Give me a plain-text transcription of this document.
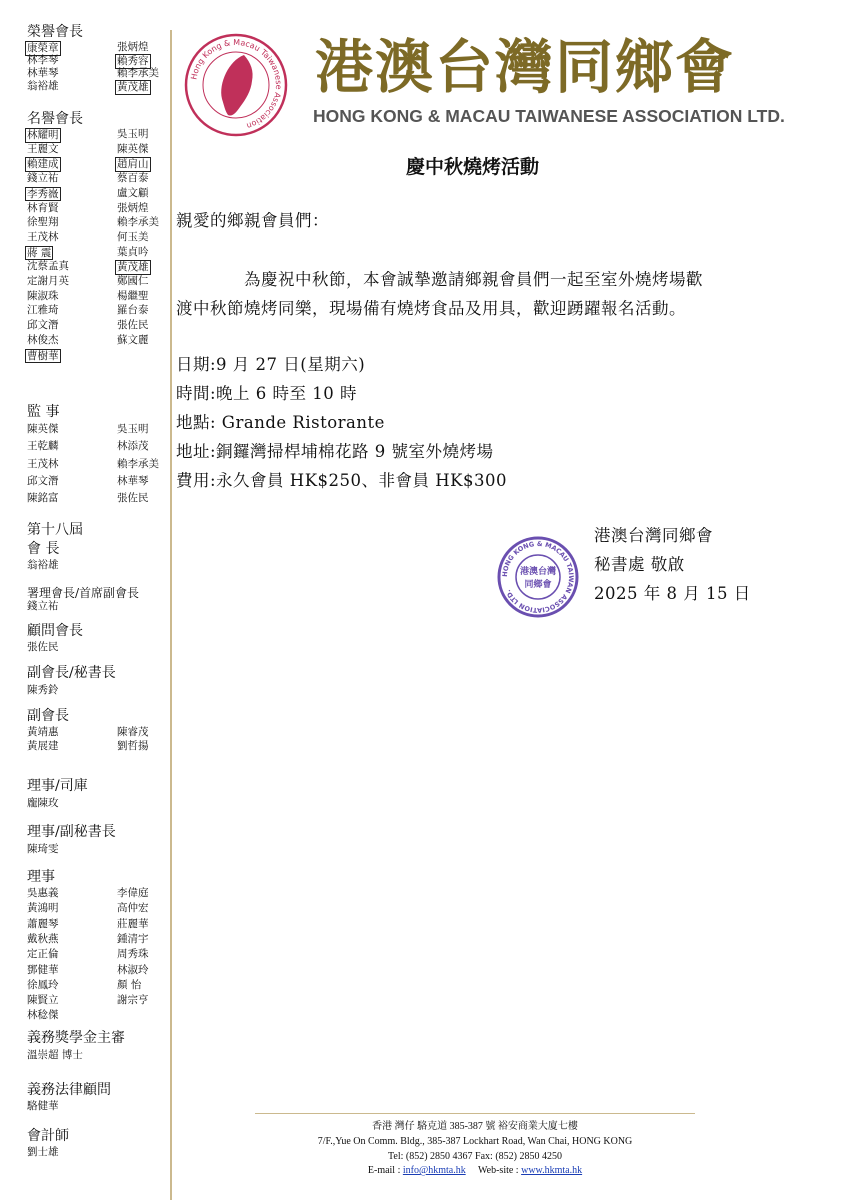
榮譽會長
康榮章	張炳煌
林李琴	賴秀容
林華琴	賴李承美
翁裕雄	黃茂雄
名譽會長
林耀明	吳玉明
王麗文	陳英傑
賴建成	趙肩山
錢立祐	蔡百泰
李秀嶶	盧文顧
林育賢	張炳煌
徐聖翔	賴李承美
王茂林	何玉美
蔣 震	葉貞吟
沈蔡孟真	黃茂雄
定謝月英	鄭國仁
陳淑珠	楊繼聖
江雅琦	羅台泰
邱文潛	張佐民
林俊杰	蘇文麗
曹樹華
監 事
陳英傑	吳玉明
王乾麟	林添茂
王茂林	賴李承美
邱文潛	林華琴
陳銘富	張佐民
第十八屆
會 長
翁裕雄
署理會長/首席副會長
錢立祐
顧問會長
張佐民
副會長/秘書長
陳秀鈴
副會長
黃靖惠	陳睿茂
黃展建	劉哲揚
理事/司庫
龐陳玫
理事/副秘書長
陳琦雯
理事
吳惠義	李偉庭
黃鴻明	高仲宏
蕭麗琴	莊麗華
戴秋燕	鍾清宇
定正倫	周秀珠
鄧健華	林淑玲
徐鳳玲	顏 怡
陳賢立	謝宗亨
林稔傑
義務獎學金主審
溫崇超 博士
義務法律顧問
駱健華
會計師
劉士雄
Hong Kong & Macau Taiwanese Association
港澳台灣同鄉會
HONG KONG & MACAU TAIWANESE ASSOCIATION LTD.
慶中秋燒烤活動
親愛的鄉親會員們：
為慶祝中秋節，本會誠摯邀請鄉親會員們一起至室外燒烤場歡
渡中秋節燒烤同樂，現場備有燒烤食品及用具，歡迎踴躍報名活動。
日期:9 月 27 日(星期六)
時間:晚上 6 時至 10 時
地點: Grande Ristorante
地址:銅鑼灣掃桿埔棉花路 9 號室外燒烤場
費用:永久會員 HK$250、非會員 HK$300
HONG KONG & MACAU TAIWAN ASSOCIATION LTD.
港澳台灣
同鄉會
港澳台灣同鄉會
秘書處 敬啟
2025 年 8 月 15 日
香港 灣仔 駱克道 385-387 號 裕安商業大廈七樓
7/F.,Yue On Comm. Bldg., 385-387 Lockhart Road, Wan Chai, HONG KONG
Tel: (852) 2850 4367 Fax: (852) 2850 4250
E-mail : info@hkmta.hk Web-site : www.hkmta.hk
